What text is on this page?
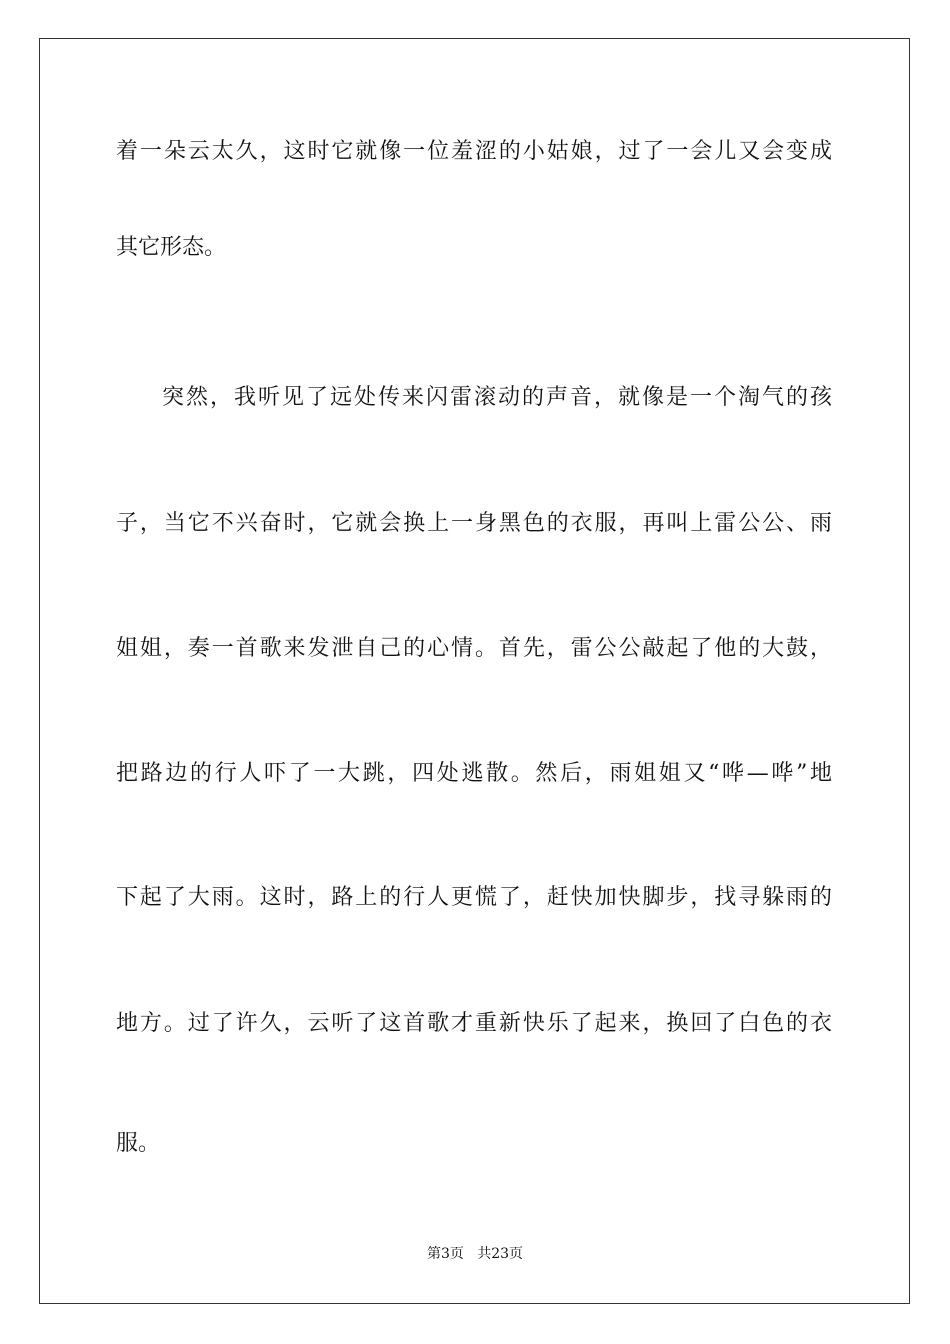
着一朵云太久，这时它就像一位羞涩的小姑娘，过了一会儿又会变成
其它形态。
突然，我听见了远处传来闪雷滚动的声音，就像是一个淘气的孩
子，当它不兴奋时，它就会换上一身黑色的衣服，再叫上雷公公、雨
姐姐，奏一首歌来发泄自己的心情。首先，雷公公敲起了他的大鼓，
把路边的行人吓了一大跳，四处逃散。然后，雨姐姐又“哗—哗”地
下起了大雨。这时，路上的行人更慌了，赶快加快脚步，找寻躲雨的
地方。过了许久，云听了这首歌才重新快乐了起来，换回了白色的衣
服。
第3页   共23页
